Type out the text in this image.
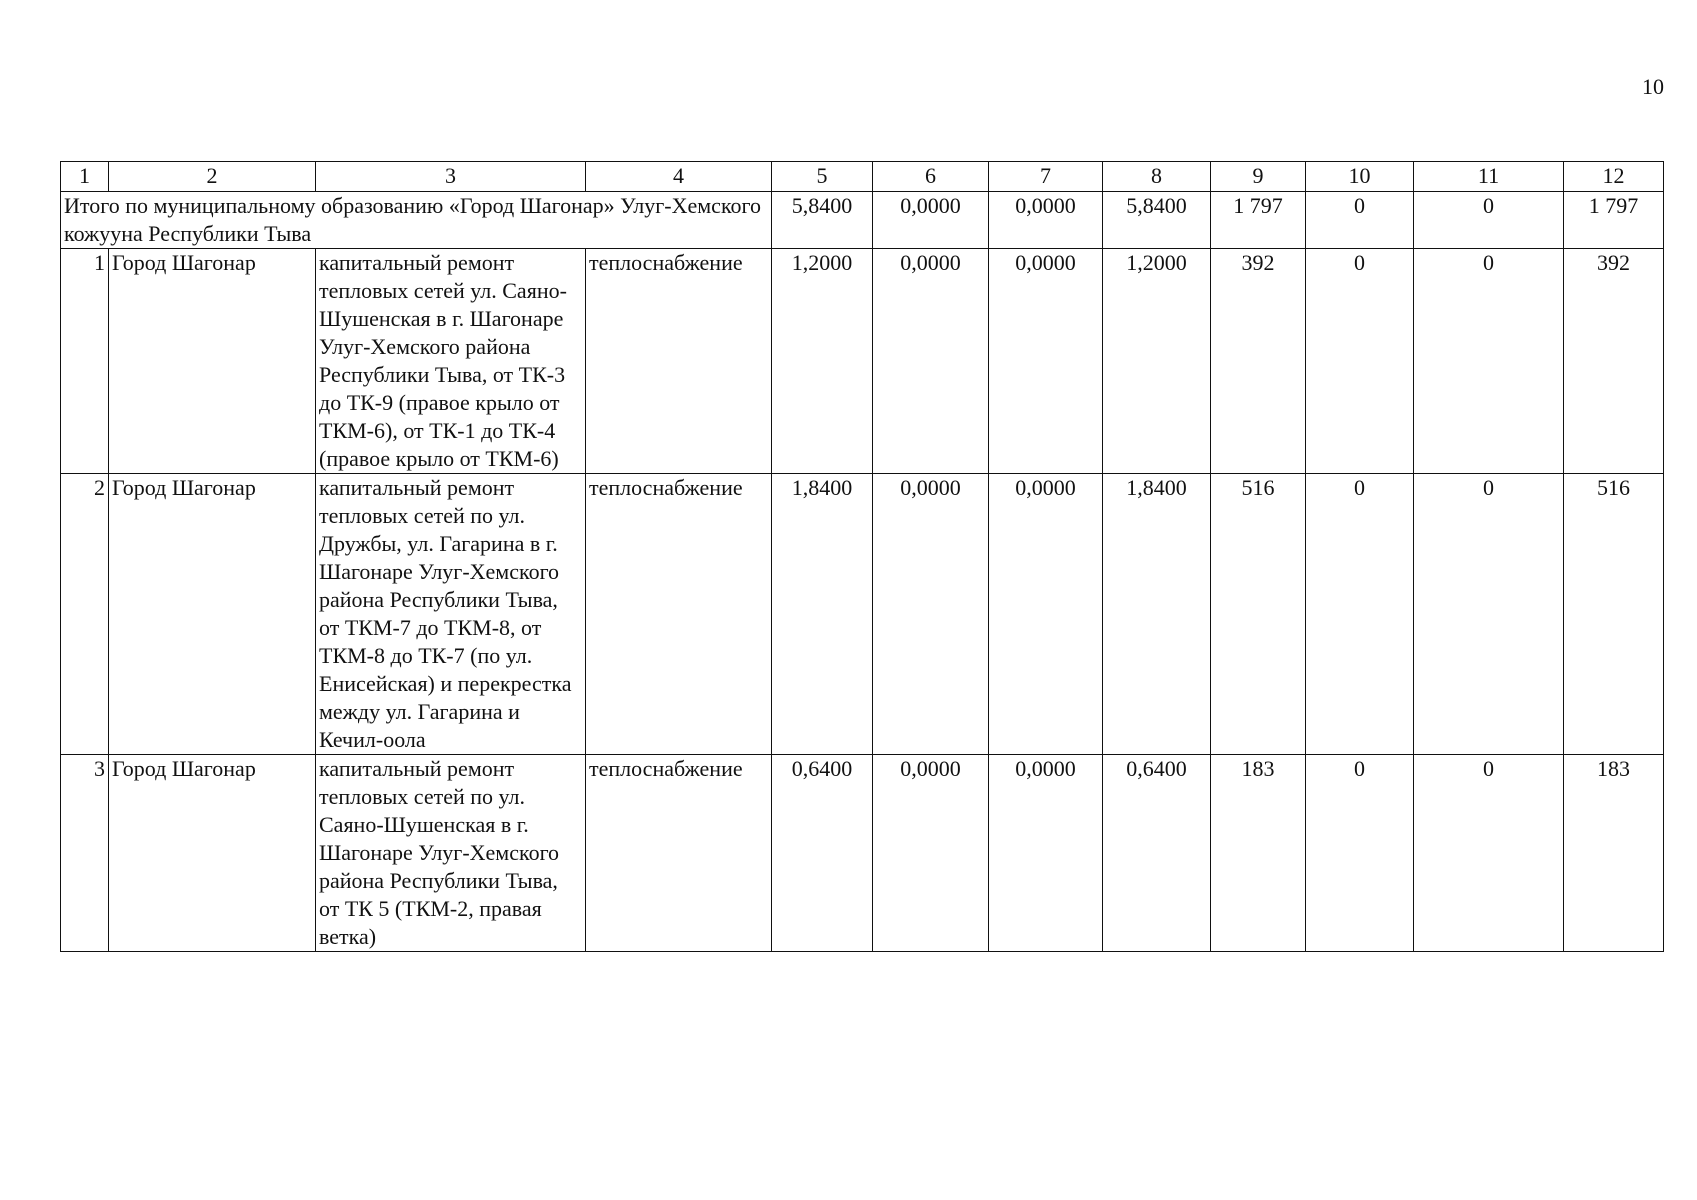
10
1	2	3	4	5	6	7	8	9	10	11	12
Итого по муниципальному образованию «Город Шагонар» Улуг-Хемского кожууна Республики Тыва				5,8400	0,0000	0,0000	5,8400	1 797	0	0	1 797
1	Город Шагонар	капитальный ремонт тепловых сетей ул. Саяно-Шушенская в г. Шагонаре Улуг-Хемского района Республики Тыва, от ТК-3 до ТК-9 (правое крыло от ТКМ-6), от ТК-1 до ТК-4 (правое крыло от ТКМ-6)	теплоснабжение	1,2000	0,0000	0,0000	1,2000	392	0	0	392
2	Город Шагонар	капитальный ремонт тепловых сетей по ул. Дружбы, ул. Гагарина в г. Шагонаре Улуг-Хемского района Республики Тыва, от ТКМ-7 до ТКМ-8, от ТКМ-8 до ТК-7 (по ул. Енисейская) и перекрестка между ул. Гагарина и Кечил-оола	теплоснабжение	1,8400	0,0000	0,0000	1,8400	516	0	0	516
3	Город Шагонар	капитальный ремонт тепловых сетей по ул. Саяно-Шушенская в г. Шагонаре Улуг-Хемского района Республики Тыва, от ТК 5 (ТКМ-2, правая ветка)	теплоснабжение	0,6400	0,0000	0,0000	0,6400	183	0	0	183
